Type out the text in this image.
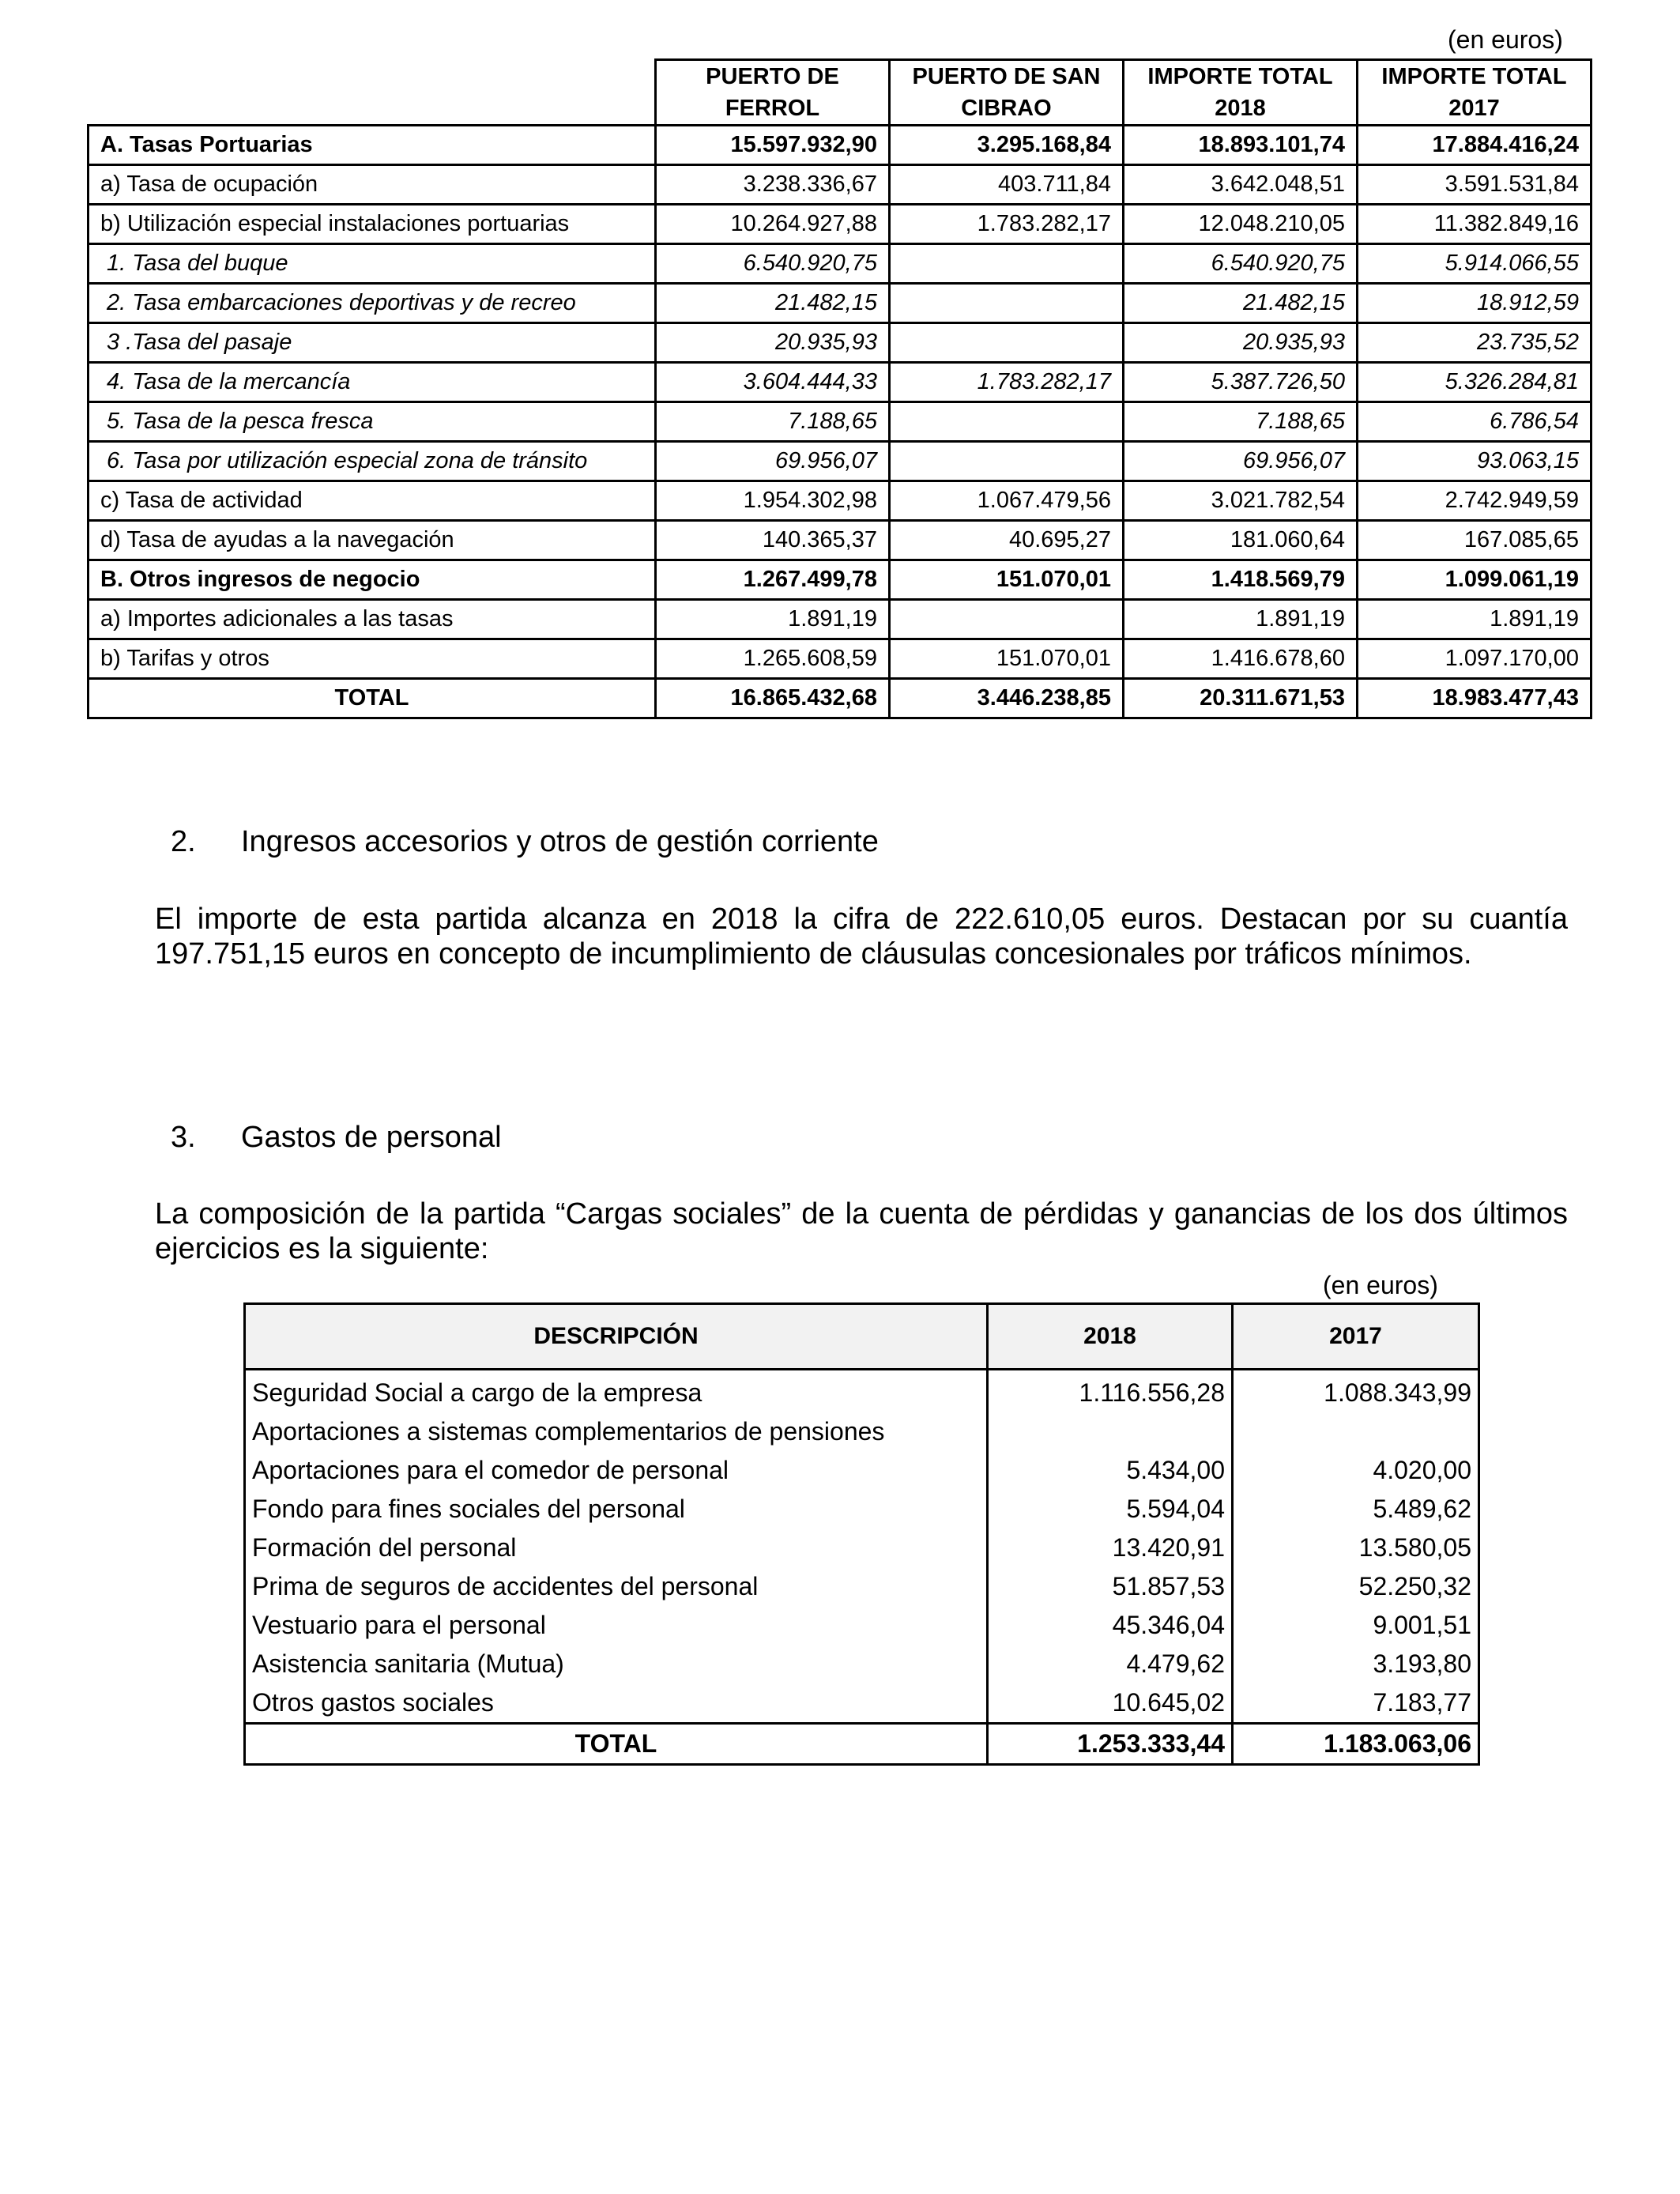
(en euros)
	PUERTO DE FERROL	PUERTO DE SAN CIBRAO	IMPORTE TOTAL 2018	IMPORTE TOTAL 2017
A. Tasas Portuarias	15.597.932,90	3.295.168,84	18.893.101,74	17.884.416,24
a) Tasa de ocupación	3.238.336,67	403.711,84	3.642.048,51	3.591.531,84
b) Utilización especial instalaciones portuarias	10.264.927,88	1.783.282,17	12.048.210,05	11.382.849,16
1. Tasa del buque	6.540.920,75		6.540.920,75	5.914.066,55
2. Tasa embarcaciones deportivas y de recreo	21.482,15		21.482,15	18.912,59
3 .Tasa del pasaje	20.935,93		20.935,93	23.735,52
4. Tasa de la mercancía	3.604.444,33	1.783.282,17	5.387.726,50	5.326.284,81
5. Tasa de la pesca fresca	7.188,65		7.188,65	6.786,54
6. Tasa por utilización especial zona de tránsito	69.956,07		69.956,07	93.063,15
c) Tasa de actividad	1.954.302,98	1.067.479,56	3.021.782,54	2.742.949,59
d) Tasa de ayudas a la navegación	140.365,37	40.695,27	181.060,64	167.085,65
B. Otros ingresos de negocio	1.267.499,78	151.070,01	1.418.569,79	1.099.061,19
a) Importes adicionales a las tasas	1.891,19		1.891,19	1.891,19
b) Tarifas y otros	1.265.608,59	151.070,01	1.416.678,60	1.097.170,00
TOTAL	16.865.432,68	3.446.238,85	20.311.671,53	18.983.477,43
2. Ingresos accesorios y otros de gestión corriente
El importe de esta partida alcanza en 2018 la cifra de 222.610,05 euros. Destacan por su cuantía 197.751,15 euros en concepto de incumplimiento de cláusulas concesionales por tráficos mínimos.
3. Gastos de personal
La composición de la partida “Cargas sociales” de la cuenta de pérdidas y ganancias de los dos últimos ejercicios es la siguiente:
(en euros)
DESCRIPCIÓN	2018	2017
Seguridad Social a cargo de la empresa	1.116.556,28	1.088.343,99
Aportaciones a sistemas complementarios de pensiones		
Aportaciones para el comedor de personal	5.434,00	4.020,00
Fondo para fines sociales del personal	5.594,04	5.489,62
Formación del personal	13.420,91	13.580,05
Prima de seguros de accidentes del personal	51.857,53	52.250,32
Vestuario para el personal	45.346,04	9.001,51
Asistencia sanitaria (Mutua)	4.479,62	3.193,80
Otros gastos sociales	10.645,02	7.183,77
TOTAL	1.253.333,44	1.183.063,06
